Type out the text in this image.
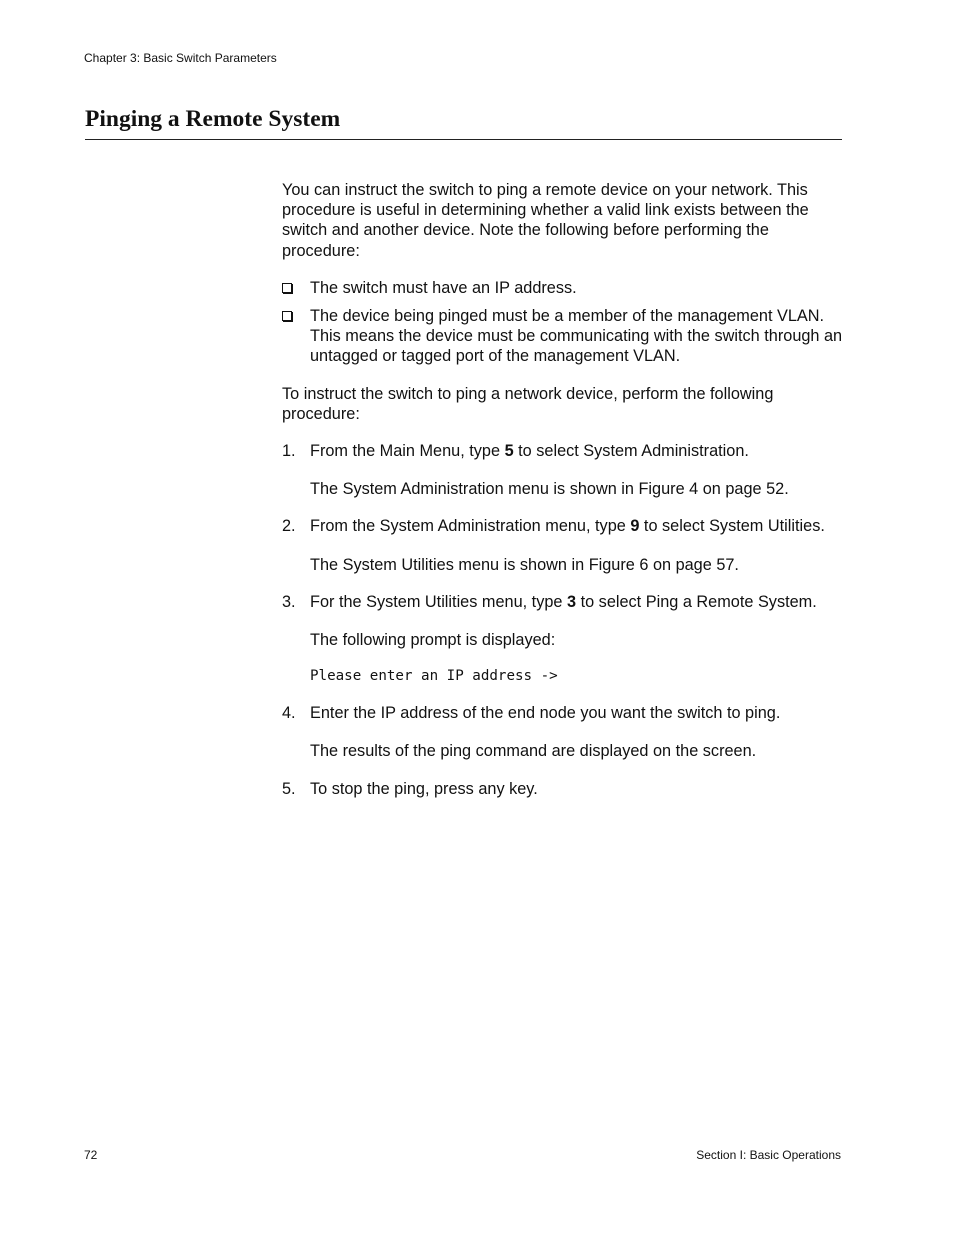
Chapter 3: Basic Switch Parameters
Pinging a Remote System

You can instruct the switch to ping a remote device on your network. This procedure is useful in determining whether a valid link exists between the switch and another device. Note the following before performing the procedure:

The switch must have an IP address.
The device being pinged must be a member of the management VLAN. This means the device must be communicating with the switch through an untagged or tagged port of the management VLAN.

To instruct the switch to ping a network device, perform the following procedure:

1. From the Main Menu, type 5 to select System Administration.

The System Administration menu is shown in Figure 4 on page 52.

2. From the System Administration menu, type 9 to select System Utilities.

The System Utilities menu is shown in Figure 6 on page 57.

3. For the System Utilities menu, type 3 to select Ping a Remote System.

The following prompt is displayed:

Please enter an IP address ->

4. Enter the IP address of the end node you want the switch to ping.

The results of the ping command are displayed on the screen.

5. To stop the ping, press any key.

72	Section I: Basic Operations
